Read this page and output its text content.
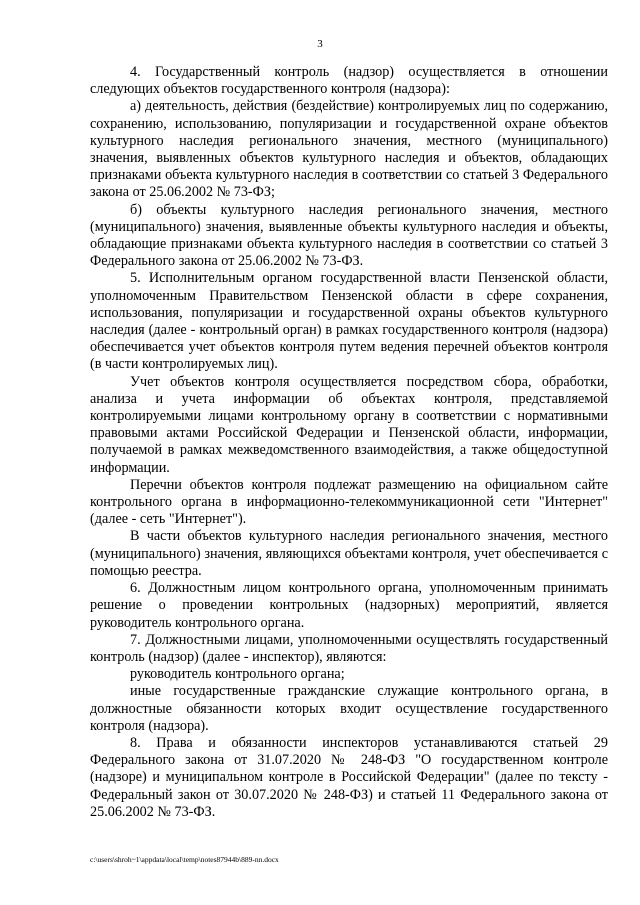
3

4. Государственный контроль (надзор) осуществляется в отношении следующих объектов государственного контроля (надзора):

а) деятельность, действия (бездействие) контролируемых лиц по содержанию, сохранению, использованию, популяризации и государственной охране объектов культурного наследия регионального значения, местного (муниципального) значения, выявленных объектов культурного наследия и объектов, обладающих признаками объекта культурного наследия в соответствии со статьей 3 Федерального закона от 25.06.2002 № 73-ФЗ;

б) объекты культурного наследия регионального значения, местного (муниципального) значения, выявленные объекты культурного наследия и объекты, обладающие признаками объекта культурного наследия в соответствии со статьей 3 Федерального закона от 25.06.2002 № 73-ФЗ.

5. Исполнительным органом государственной власти Пензенской области, уполномоченным Правительством Пензенской области в сфере сохранения, использования, популяризации и государственной охраны объектов культурного наследия (далее - контрольный орган) в рамках государственного контроля (надзора) обеспечивается учет объектов контроля путем ведения перечней объектов контроля (в части контролируемых лиц).

Учет объектов контроля осуществляется посредством сбора, обработки, анализа и учета информации об объектах контроля, представляемой контролируемыми лицами контрольному органу в соответствии с нормативными правовыми актами Российской Федерации и Пензенской области, информации, получаемой в рамках межведомственного взаимодействия, а также общедоступной информации.

Перечни объектов контроля подлежат размещению на официальном сайте контрольного органа в информационно-телекоммуникационной сети "Интернет" (далее - сеть "Интернет").

В части объектов культурного наследия регионального значения, местного (муниципального) значения, являющихся объектами контроля, учет обеспечивается с помощью реестра.

6. Должностным лицом контрольного органа, уполномоченным принимать решение о проведении контрольных (надзорных) мероприятий, является руководитель контрольного органа.

7. Должностными лицами, уполномоченными осуществлять государственный контроль (надзор) (далее - инспектор), являются:

руководитель контрольного органа;

иные государственные гражданские служащие контрольного органа, в должностные обязанности которых входит осуществление государственного контроля (надзора).

8. Права и обязанности инспекторов устанавливаются статьей 29 Федерального закона от 31.07.2020 № 248-ФЗ "О государственном контроле (надзоре) и муниципальном контроле в Российской Федерации" (далее по тексту - Федеральный закон от 30.07.2020 № 248-ФЗ) и статьей 11 Федерального закона от 25.06.2002 № 73-ФЗ.

c:\users\shroh~1\appdata\local\temp\notes87944b\889-nn.docx
